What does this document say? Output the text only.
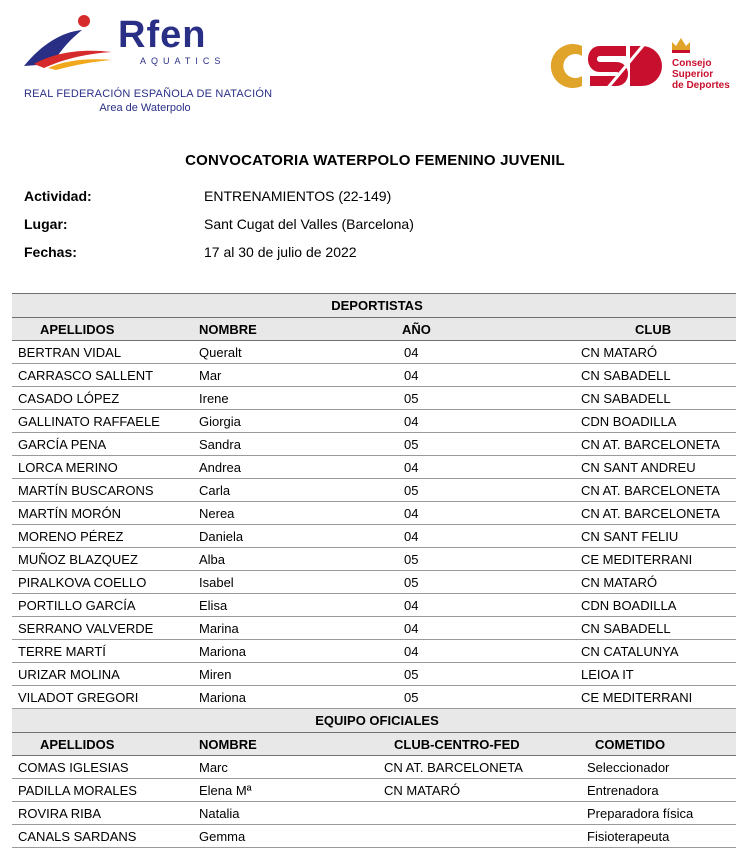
Rfen
AQUATICS
REAL FEDERACIÓN ESPAÑOLA DE NATACIÓN
Area de Waterpolo
Consejo
Superior
de Deportes
CONVOCATORIA WATERPOLO FEMENINO JUVENIL
Actividad:	ENTRENAMIENTOS (22-149)
Lugar:	Sant Cugat del Valles (Barcelona)
Fechas:	17 al 30 de julio de 2022
DEPORTISTAS			
APELLIDOS	NOMBRE	AÑO	CLUB
BERTRAN VIDAL	Queralt	04	CN MATARÓ
CARRASCO SALLENT	Mar	04	CN SABADELL
CASADO LÓPEZ	Irene	05	CN SABADELL
GALLINATO RAFFAELE	Giorgia	04	CDN BOADILLA
GARCÍA PENA	Sandra	05	CN AT. BARCELONETA
LORCA MERINO	Andrea	04	CN SANT ANDREU
MARTÍN BUSCARONS	Carla	05	CN AT. BARCELONETA
MARTÍN MORÓN	Nerea	04	CN AT. BARCELONETA
MORENO PÉREZ	Daniela	04	CN SANT FELIU
MUÑOZ BLAZQUEZ	Alba	05	CE MEDITERRANI
PIRALKOVA COELLO	Isabel	05	CN MATARÓ
PORTILLO GARCÍA	Elisa	04	CDN BOADILLA
SERRANO VALVERDE	Marina	04	CN SABADELL
TERRE MARTÍ	Mariona	04	CN CATALUNYA
URIZAR MOLINA	Miren	05	LEIOA IT
VILADOT GREGORI	Mariona	05	CE MEDITERRANI
EQUIPO OFICIALES			
APELLIDOS	NOMBRE	CLUB-CENTRO-FED	COMETIDO
COMAS IGLESIAS	Marc	CN AT. BARCELONETA	Seleccionador
PADILLA MORALES	Elena Mª	CN MATARÓ	Entrenadora
ROVIRA RIBA	Natalia		Preparadora física
CANALS SARDANS	Gemma		Fisioterapeuta
